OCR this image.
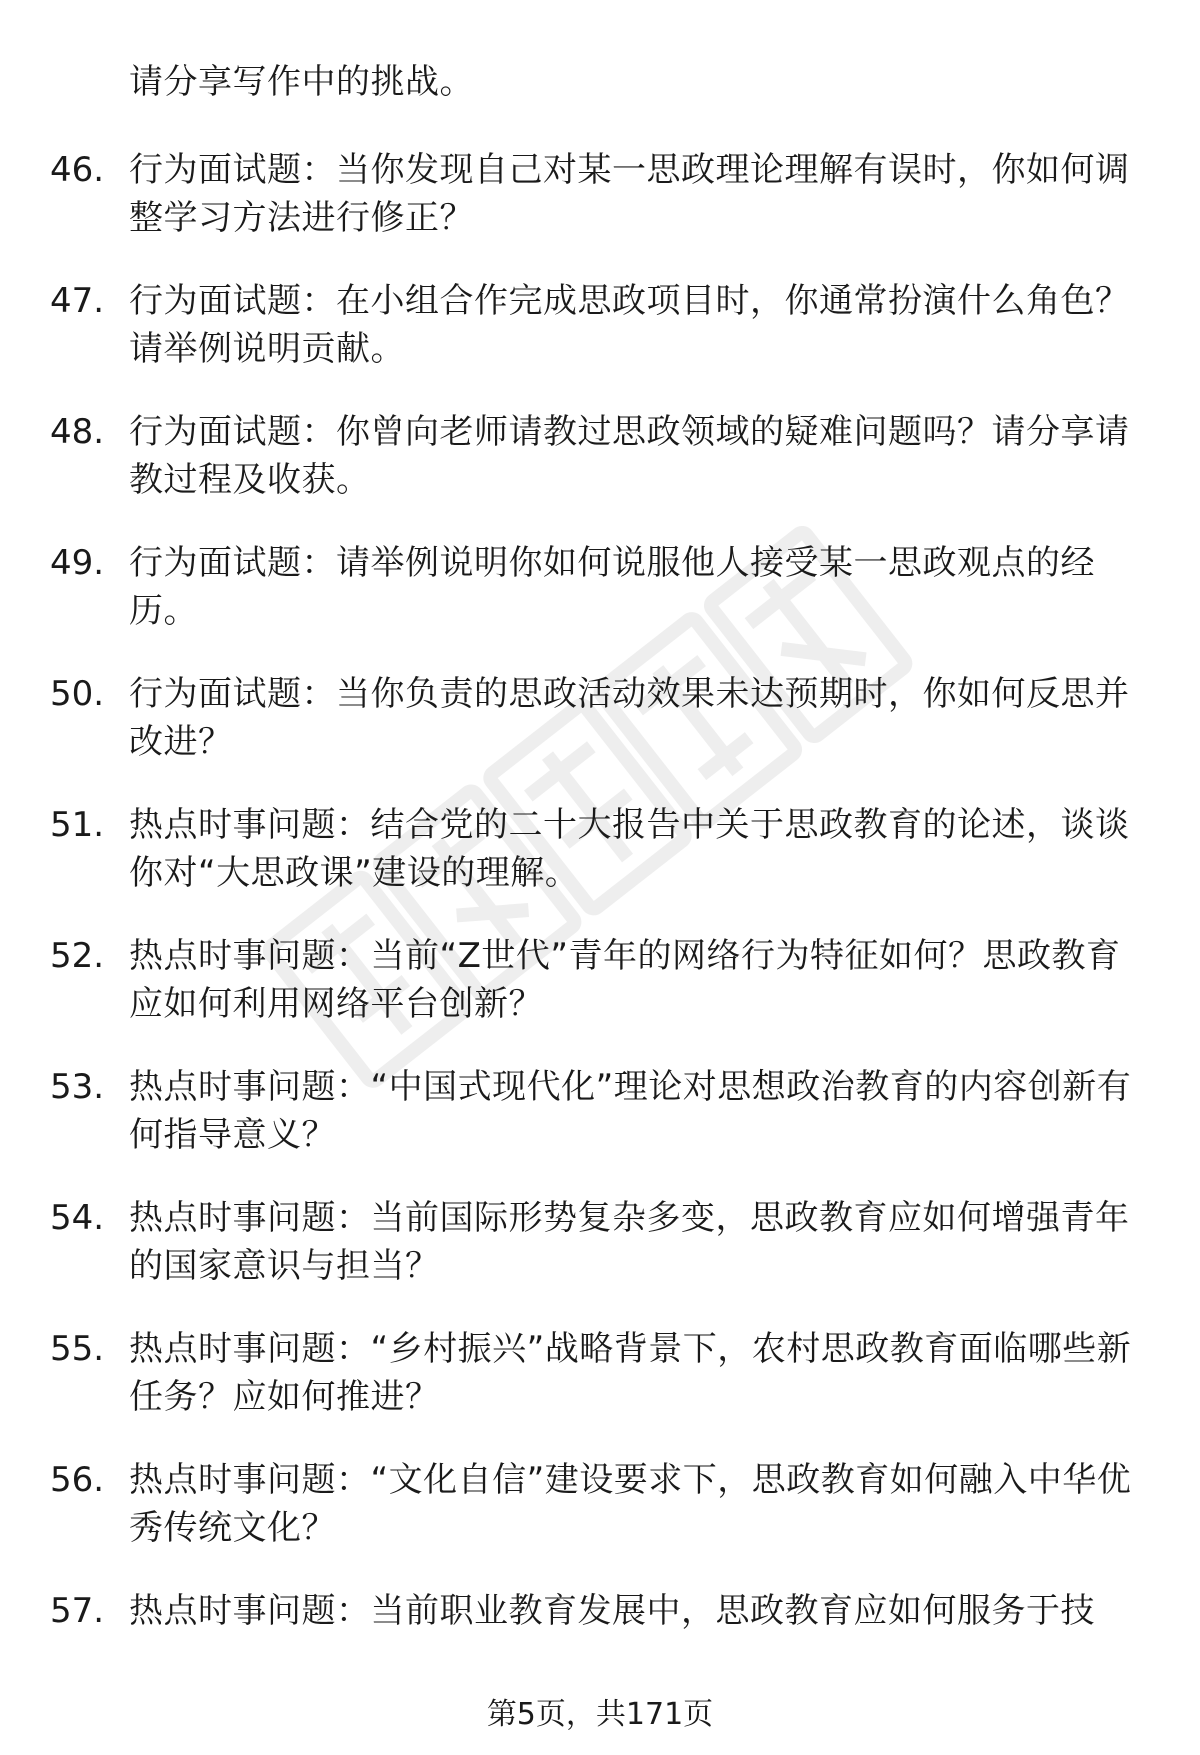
请分享写作中的挑战。
46. 行为面试题：当你发现自己对某一思政理论理解有误时，你如何调整学习方法进行修正？
47. 行为面试题：在小组合作完成思政项目时，你通常扮演什么角色？请举例说明贡献。
48. 行为面试题：你曾向老师请教过思政领域的疑难问题吗？请分享请教过程及收获。
49. 行为面试题：请举例说明你如何说服他人接受某一思政观点的经历。
50. 行为面试题：当你负责的思政活动效果未达预期时，你如何反思并改进？
51. 热点时事问题：结合党的二十大报告中关于思政教育的论述，谈谈你对“大思政课”建设的理解。
52. 热点时事问题：当前“Z世代”青年的网络行为特征如何？思政教育应如何利用网络平台创新？
53. 热点时事问题：“中国式现代化”理论对思想政治教育的内容创新有何指导意义？
54. 热点时事问题：当前国际形势复杂多变，思政教育应如何增强青年的国家意识与担当？
55. 热点时事问题：“乡村振兴”战略背景下，农村思政教育面临哪些新任务？应如何推进？
56. 热点时事问题：“文化自信”建设要求下，思政教育如何融入中华优秀传统文化？
57. 热点时事问题：当前职业教育发展中，思政教育应如何服务于技
第5页，共171页
